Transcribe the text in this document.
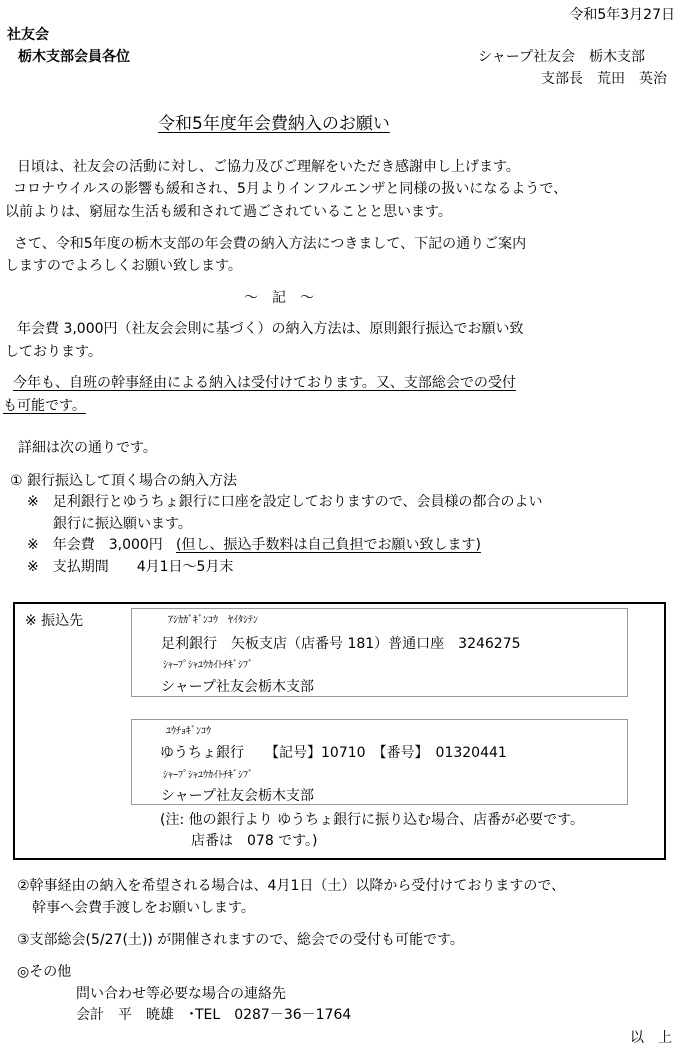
令和5年3月27日
社友会
栃木支部会員各位	シャープ社友会　栃木支部
支部長　荒田　英治
令和5年度年会費納入のお願い
日頃は、社友会の活動に対し、ご協力及びご理解をいただき感謝申し上げます。
コロナウイルスの影響も緩和され、5月よりインフルエンザと同様の扱いになるようで、
以前よりは、窮屈な生活も緩和されて過ごされていることと思います。
さて、令和5年度の栃木支部の年会費の納入方法につきまして、下記の通りご案内
しますのでよろしくお願い致します。
～　記　～
年会費 3,000円（社友会会則に基づく）の納入方法は、原則銀行振込でお願い致
しております。
今年も、自班の幹事経由による納入は受付けております。又、支部総会での受付
も可能です。
詳細は次の通りです。
① 銀行振込して頂く場合の納入方法
※　足利銀行とゆうちょ銀行に口座を設定しておりますので、会員様の都合のよい
銀行に振込願います。
※　年会費　3,000円 (但し、振込手数料は自己負担でお願い致します)
※　支払期間　　4月1日～5月末
※ 振込先	ｱｼｶｶﾞｷﾞﾝｺｳ　ﾔｲﾀｼﾃﾝ
足利銀行　矢板支店（店番号 181）普通口座　3246275
ｼｬｰﾌﾟｼｬﾕｳｶｲﾄﾁｷﾞｼﾌﾞ
シャープ社友会栃木支部
ﾕｳﾁｮｷﾞﾝｺｳ
ゆうちょ銀行　　【記号】10710　【番号】　01320441
ｼｬｰﾌﾟｼｬﾕｳｶｲﾄﾁｷﾞｼﾌﾞ
シャープ社友会栃木支部
(注: 他の銀行より ゆうちょ銀行に振り込む場合、店番が必要です。
店番は　078 です。)
②幹事経由の納入を希望される場合は、4月1日（土）以降から受付けておりますので、
幹事へ会費手渡しをお願いします。
③支部総会(5/27(土)) が開催されますので、総会での受付も可能です。
◎その他
問い合わせ等必要な場合の連絡先
会計　平　暁雄　･TEL　0287－36－1764
以　上
